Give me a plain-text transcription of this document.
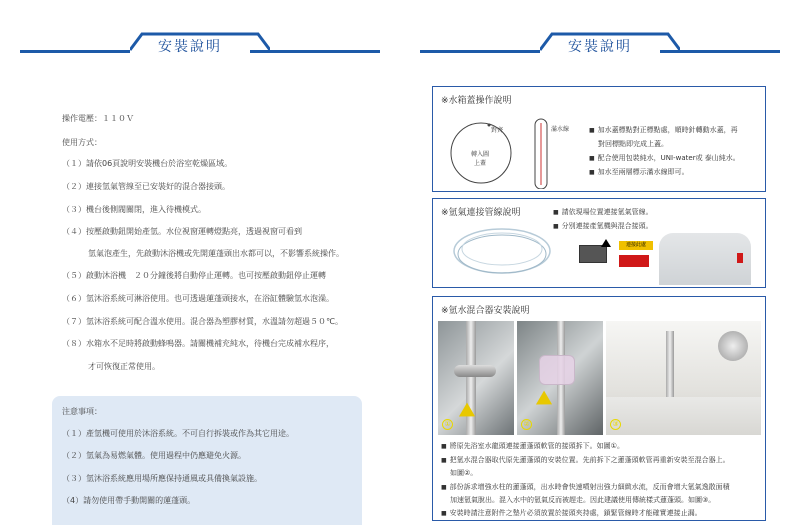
安裝說明	安裝說明
操作電壓：１１０Ｖ
使用方式：
（１）請依06頁說明安裝機台於浴室乾燥區域。
（２）連接氫氣管線至已安裝好的混合器接頭。
（３）機台後側閥關閉，進入待機模式。
（４）按壓啟動鈕開始產氫。水位視窗運轉燈點亮，透過視窗可看到
氫氣泡產生，先啟動沐浴機或先開蓮蓬頭出水都可以，不影響系統操作。
（５）啟動沐浴機　２０分鐘後將自動停止運轉。也可按壓啟動鈕停止運轉
（６）氫沐浴系統可淋浴使用。也可透過蓮蓬頭接水，在浴缸體驗氫水泡澡。
（７）氫沐浴系統可配合溫水使用。混合器為塑膠材質，水溫請勿超過５０℃。
（８）水箱水不足時將啟動蜂鳴器。請關機補充純水，待機台完成補水程序，
才可恢復正常使用。
注意事項：
（１）產氫機可使用於沐浴系統。不可自行拆裝或作為其它用途。
（２）氫氣為易燃氣體。使用過程中仍應避免火源。
（３）氫沐浴系統應用場所應保持通風或具備換氣設施。
（4）請勿使用帶手動開關的蓮蓬頭。
※水箱蓋操作說明
對齊
轉入圖
上蓋
滿水線	■ 加水蓋標點對正標點處，順時針轉動水蓋，再
對回標點即完成上蓋。
■ 配合使用包裝純水，UNI-water或 泰山純水。
■ 加水至兩層標示滿水線即可。
※氫氣連接管線說明	■ 請依現場位置連接氫氣管線。
■ 分別連接產氫機與混合接頭。
連接此處
※氫水混合器安裝說明
①	②	③
■ 將原先浴室水龍頭連接蓮蓬頭軟管的接頭拆下。如圖①。
■ 把氫水混合器取代原先蓮蓬頭的安裝位置。先前拆下之蓮蓬頭軟管再重新安裝至混合器上。
如圖②。
■ 部份訴求增強水柱的蓮蓬頭，出水時會快速噴射出強力細緻水流，反而會增大氫氣逸散面積
加速氫氣脫出。混入水中的氫氣反而被趕走。因此建議使用傳統樣式蓮蓬頭。如圖③。
■ 安裝時請注意附件之墊片必須放置於接頭夾持處，鎖緊管線時才能確實連接止漏。
